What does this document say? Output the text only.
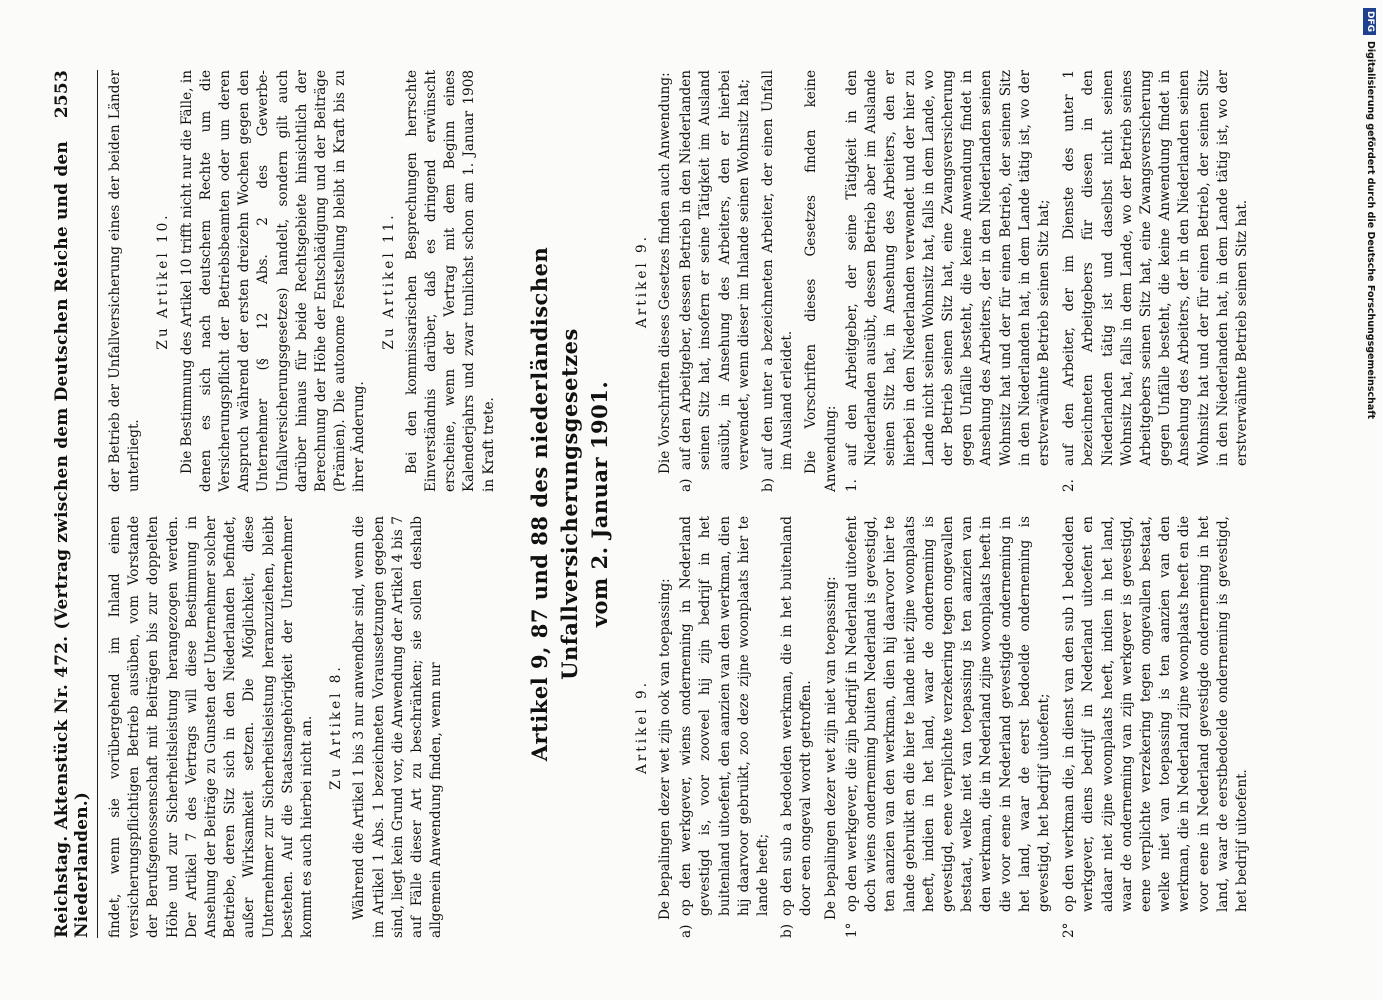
Reichstag. Aktenstück Nr. 472. (Vertrag zwischen dem Deutschen Reiche und den Niederlanden.)
2553

findet, wenn sie vorübergehend im Inland einen versicherungspflichtigen Betrieb ausüben, vom Vorstande der Berufsgenossenschaft mit Beiträgen bis zur doppelten Höhe und zur Sicherheitsleistung herangezogen werden. Der Artikel 7 des Vertrags will diese Bestimmung in Ansehung der Beiträge zu Gunsten der Unternehmer solcher Betriebe, deren Sitz sich in den Niederlanden befindet, außer Wirksamkeit setzen. Die Möglichkeit, diese Unternehmer zur Sicherheitsleistung heranzuziehen, bleibt bestehen. Auf die Staatsangehörigkeit der Unternehmer kommt es auch hierbei nicht an. Zu Artikel 8. Während die Artikel 1 bis 3 nur anwendbar sind, wenn die im Artikel 1 Abs. 1 bezeichneten Voraussetzungen gegeben sind, liegt kein Grund vor, die Anwendung der Artikel 4 bis 7 auf Fälle dieser Art zu beschränken; sie sollen deshalb allgemein Anwendung finden, wenn nur

der Betrieb der Unfallversicherung eines der beiden Länder unterliegt.

Zu Artikel 10. Die Bestimmung des Artikel 10 trifft nicht nur die Fälle, in denen es sich nach deutschem Rechte um die Versicherungspflicht der Betriebsbeamten oder um deren Anspruch während der ersten dreizehn Wochen gegen den Unternehmer (§ 12 Abs. 2 des Gewerbe-Unfallversicherungsgesetzes) handelt, sondern gilt auch darüber hinaus für beide Rechtsgebiete hinsichtlich der Berechnung der Höhe der Entschädigung und der Beiträge (Prämien). Die autonome Feststellung bleibt in Kraft bis zu ihrer Änderung.

Zu Artikel 11. Bei den kommissarischen Besprechungen herrschte Einverständnis darüber, daß es dringend erwünscht erscheine, wenn der Vertrag mit dem Beginn eines Kalenderjahrs und zwar tunlichst schon am 1. Januar 1908 in Kraft trete. Artikel 9, 87 und 88 des niederländischen Unfallversicherungsgesetzes vom 2. Januar 1901.
Artikel 9. De bepalingen dezer wet zijn ook van toepassing:

a)
op den werkgever, wiens onderneming in Nederland gevestigd is, voor zooveel hij zijn bedrijf in het buitenland uitoefent, den aanzien van den werkman, dien hij daarvoor gebruikt, zoo deze zijne woonplaats hier te lande heeft;
b)
op den sub a bedoelden werkman, die in het buitenland door een ongeval wordt getroffen. De bepalingen dezer wet zijn niet van toepassing:

1°
op den werkgever, die zijn bedrijf in Nederland uitoefent doch wiens onderneming buiten Nederland is gevestigd, ten aanzien van den werkman, dien hij daarvoor hier te lande gebruikt en die hier te lande niet zijne woonplaats heeft, indien in het land, waar de onderneming is gevestigd, eene verplichte verzekering tegen ongevallen bestaat, welke niet van toepassing is ten aanzien van den werkman, die in Nederland zijne woonplaats heeft in die voor eene in Nederland gevestigde onderneming in het land, waar de eerst bedoelde onderneming is gevestigd, het bedrijf uitoefent;
2°
op den werkman die, in dienst van den sub 1 bedoelden werkgever, diens bedrijf in Nederland uitoefent en aldaar niet zijne woonplaats heeft, indien in het land, waar de onderneming van zijn werkgever is gevestigd, eene verplichte verzekering tegen ongevallen bestaat, welke niet van toepassing is ten aanzien van den werkman, die in Nederland zijne woonplaats heeft en die voor eene in Nederland gevestigde onderneming in het land, waar de eerstbedoelde onderneming is gevestigd, het bedrijf uitoefent.
Artikel 9. Die Vorschriften dieses Gesetzes finden auch Anwendung:

a)
auf den Arbeitgeber, dessen Betrieb in den Niederlanden seinen Sitz hat, insofern er seine Tätigkeit im Ausland ausübt, in Ansehung des Arbeiters, den er hierbei verwendet, wenn dieser im Inlande seinen Wohnsitz hat;
b)
auf den unter a bezeichneten Arbeiter, der einen Unfall im Ausland erleidet. Die Vorschriften dieses Gesetzes finden keine Anwendung: 1.
auf den Arbeitgeber, der seine Tätigkeit in den Niederlanden ausübt, dessen Betrieb aber im Auslande seinen Sitz hat, in Ansehung des Arbeiters, den er hierbei in den Niederlanden verwendet und der hier zu Lande nicht seinen Wohnsitz hat, falls in dem Lande, wo der Betrieb seinen Sitz hat, eine Zwangsversicherung gegen Unfälle besteht, die keine Anwendung findet in Ansehung des Arbeiters, der in den Niederlanden seinen Wohnsitz hat und der für einen Betrieb, der seinen Sitz in den Niederlanden hat, in dem Lande tätig ist, wo der erstverwähnte Betrieb seinen Sitz hat;
2.
auf den Arbeiter, der im Dienste des unter 1 bezeichneten Arbeitgebers für diesen in den Niederlanden tätig ist und daselbst nicht seinen Wohnsitz hat, falls in dem Lande, wo der Betrieb seines Arbeitgebers seinen Sitz hat, eine Zwangsversicherung gegen Unfälle besteht, die keine Anwendung findet in Ansehung des Arbeiters, der in den Niederlanden seinen Wohnsitz hat und der für einen Betrieb, der seinen Sitz in den Niederlanden hat, in dem Lande tätig ist, wo der erstverwähnte Betrieb seinen Sitz hat.
DFG
Digitalisierung gefördert durch die Deutsche Forschungsgemeinschaft
